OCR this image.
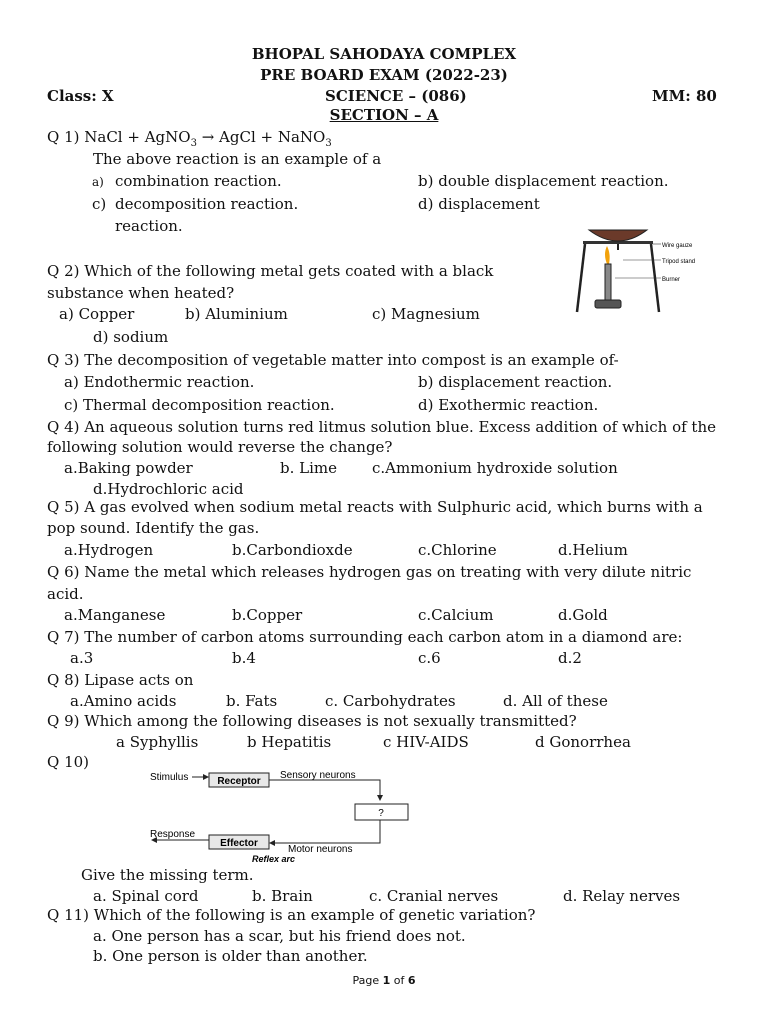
BHOPAL SAHODAYA COMPLEX
PRE BOARD EXAM (2022-23)
Class: X	SCIENCE – (086)	MM: 80
SECTION – A
Q 1) NaCl + AgNO$_3$ → AgCl + NaNO$_3$
The above reaction is an example of a
a) combination reaction.	b) double displacement reaction.
c) decomposition reaction.	d) displacement
reaction.
Wire gauze
Tripod stand
Burner
Q 2) Which of the following metal gets coated with a black
substance when heated?
a) Copper	b) Aluminium	c) Magnesium
d) sodium
Q 3) The decomposition of vegetable matter into compost is an example of-
a) Endothermic reaction.	b) displacement reaction.
c) Thermal decomposition reaction.	d) Exothermic reaction.
Q 4) An aqueous solution turns red litmus solution blue. Excess addition of which of the
following solution would reverse the change?
a.Baking powder	b. Lime c.Ammonium hydroxide solution
d.Hydrochloric acid
Q 5) A gas evolved when sodium metal reacts with Sulphuric acid, which burns with a
pop sound. Identify the gas.
a.Hydrogen	b.Carbondioxde	c.Chlorine	d.Helium
Q 6) Name the metal which releases hydrogen gas on treating with very dilute nitric
acid.
a.Manganese	b.Copper	c.Calcium	d.Gold
Q 7) The number of carbon atoms surrounding each carbon atom in a diamond are:
a.3	b.4	c.6	d.2
Q 8) Lipase acts on
a.Amino acids	b. Fats	c. Carbohydrates	d. All of these
Q 9) Which among the following diseases is not sexually transmitted?
a Syphyllis	b Hepatitis	c HIV-AIDS	d Gonorrhea
Q 10)
Stimulus	Receptor
Sensory neurons
?
Effector
Response
Motor neurons
Reflex arc
Give the missing term.
a. Spinal cord	b. Brain	c. Cranial nerves	d. Relay nerves
Q 11) Which of the following is an example of genetic variation?
a. One person has a scar, but his friend does not.
b. One person is older than another.
Page 1 of 6
